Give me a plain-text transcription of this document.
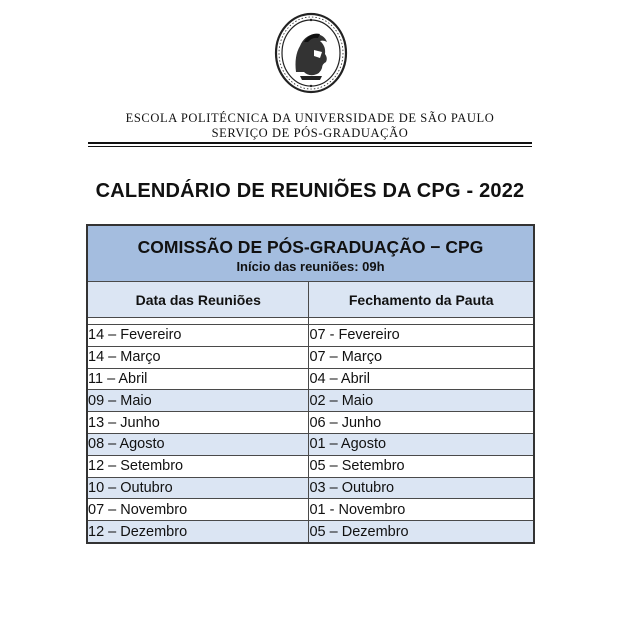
ESCOLA POLITÉCNICA DA UNIVERSIDADE DE SÃO PAULO
SERVIÇO DE PÓS-GRADUAÇÃO
CALENDÁRIO DE REUNIÕES DA CPG - 2022
COMISSÃO DE PÓS-GRADUAÇÃO − CPG
Início das reuniões: 09h	

Data das Reuniões	Fechamento da Pauta

14 – Fevereiro	07 - Fevereiro
14 – Março	07 – Março
11 – Abril	04 – Abril
09 – Maio	02 – Maio
13 – Junho	06 – Junho
08 – Agosto	01 – Agosto
12 – Setembro	05 – Setembro
10 – Outubro	03 – Outubro
07 – Novembro	01 - Novembro
12 – Dezembro	05 – Dezembro
